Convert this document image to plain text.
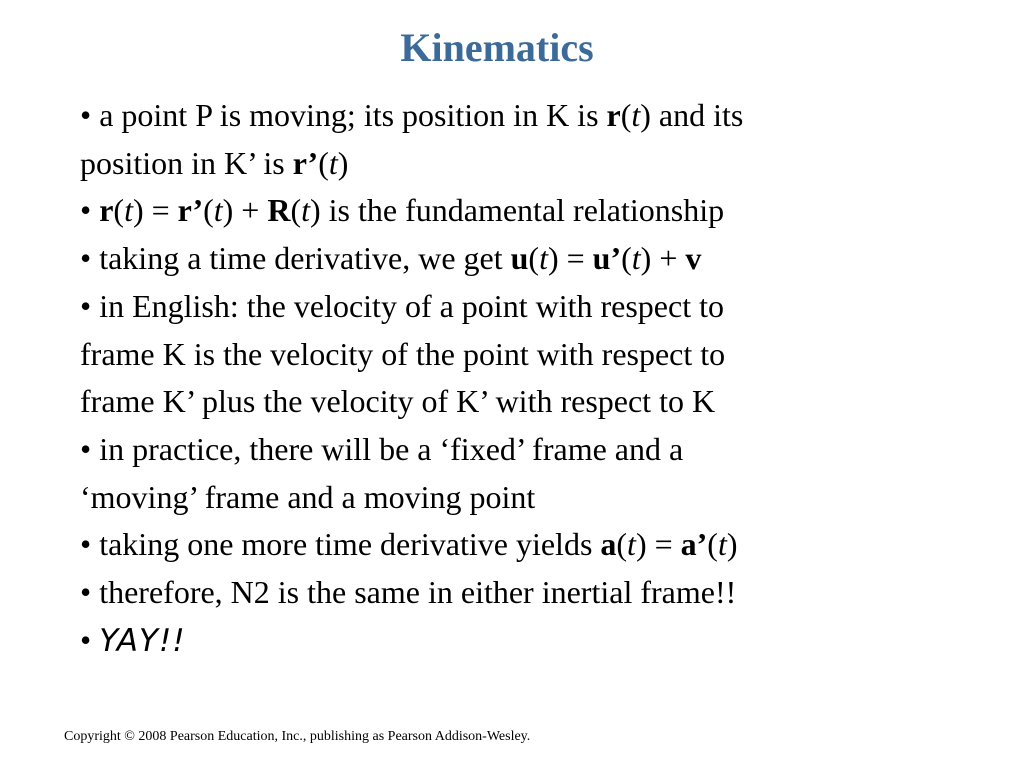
Kinematics
• a point P is moving; its position in K is r(t) and its
position in K’ is r’(t)
• r(t) = r’(t) + R(t) is the fundamental relationship
• taking a time derivative, we get u(t) = u’(t) + v
• in English: the velocity of a point with respect to
frame K is the velocity of the point with respect to
frame K’ plus the velocity of K’ with respect to K
• in practice, there will be a ‘fixed’ frame and a
‘moving’ frame and a moving point
• taking one more time derivative yields a(t) = a’(t)
• therefore, N2 is the same in either inertial frame!!
• YAY!!
Copyright © 2008 Pearson Education, Inc., publishing as Pearson Addison-Wesley.
